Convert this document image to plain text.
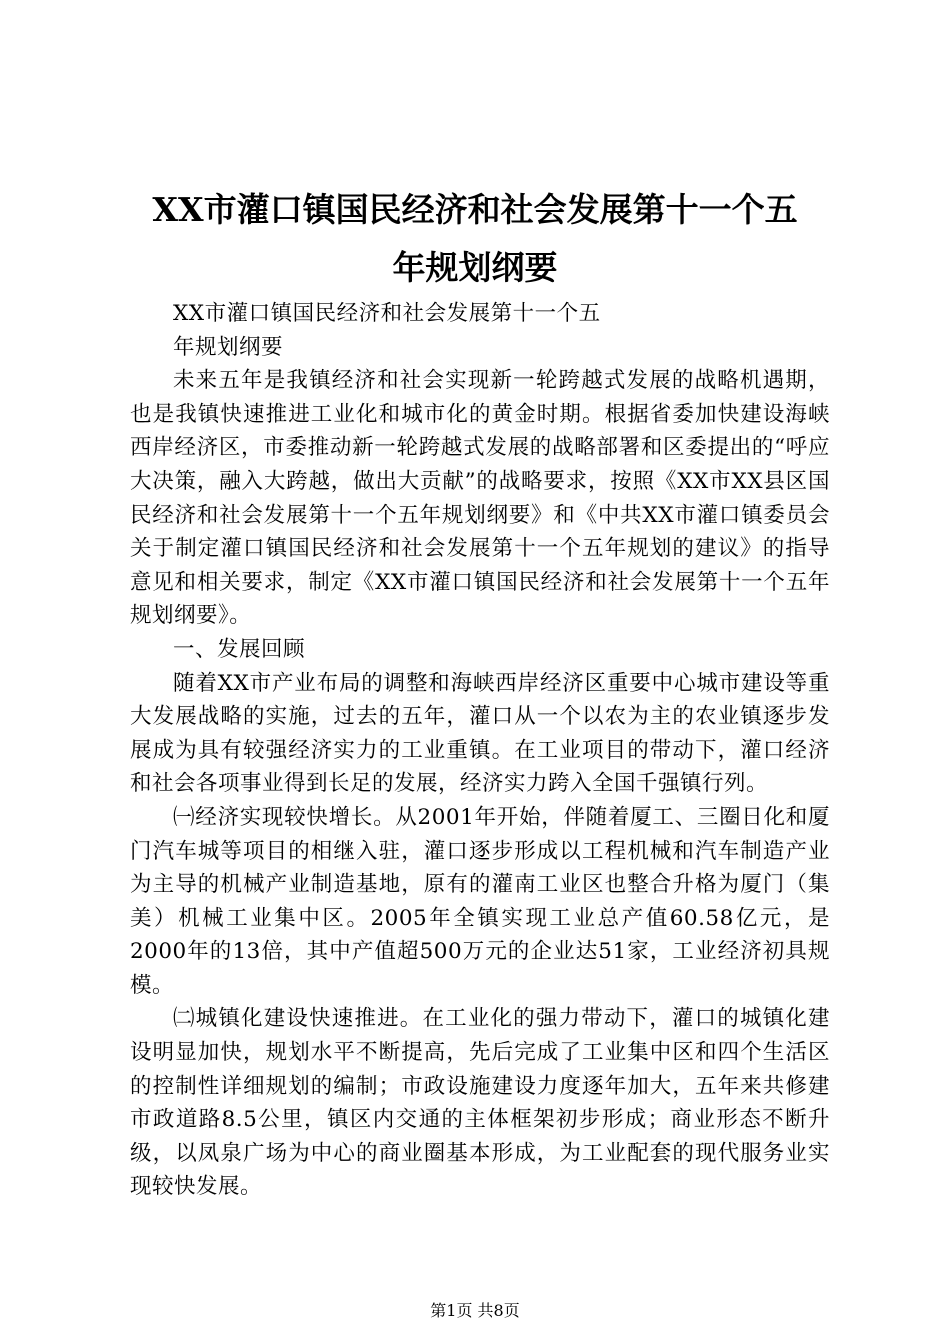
XX市灌口镇国民经济和社会发展第十一个五
年规划纲要

XX市灌口镇国民经济和社会发展第十一个五

年规划纲要

未来五年是我镇经济和社会实现新一轮跨越式发展的战略机遇期，也是我镇快速推进工业化和城市化的黄金时期。根据省委加快建设海峡西岸经济区，市委推动新一轮跨越式发展的战略部署和区委提出的“呼应大决策，融入大跨越，做出大贡献”的战略要求，按照《XX市XX县区国民经济和社会发展第十一个五年规划纲要》和《中共XX市灌口镇委员会关于制定灌口镇国民经济和社会发展第十一个五年规划的建议》的指导意见和相关要求，制定《XX市灌口镇国民经济和社会发展第十一个五年规划纲要》。

一、发展回顾

随着XX市产业布局的调整和海峡西岸经济区重要中心城市建设等重大发展战略的实施，过去的五年，灌口从一个以农为主的农业镇逐步发展成为具有较强经济实力的工业重镇。在工业项目的带动下，灌口经济和社会各项事业得到长足的发展，经济实力跨入全国千强镇行列。

㈠经济实现较快增长。从2001年开始，伴随着厦工、三圈日化和厦门汽车城等项目的相继入驻，灌口逐步形成以工程机械和汽车制造产业为主导的机械产业制造基地，原有的灌南工业区也整合升格为厦门（集美）机械工业集中区。2005年全镇实现工业总产值60.58亿元，是2000年的13倍，其中产值超500万元的企业达51家，工业经济初具规模。

㈡城镇化建设快速推进。在工业化的强力带动下，灌口的城镇化建设明显加快，规划水平不断提高，先后完成了工业集中区和四个生活区的控制性详细规划的编制；市政设施建设力度逐年加大，五年来共修建市政道路8.5公里，镇区内交通的主体框架初步形成；商业形态不断升级，以凤泉广场为中心的商业圈基本形成，为工业配套的现代服务业实现较快发展。

第1页 共8页
